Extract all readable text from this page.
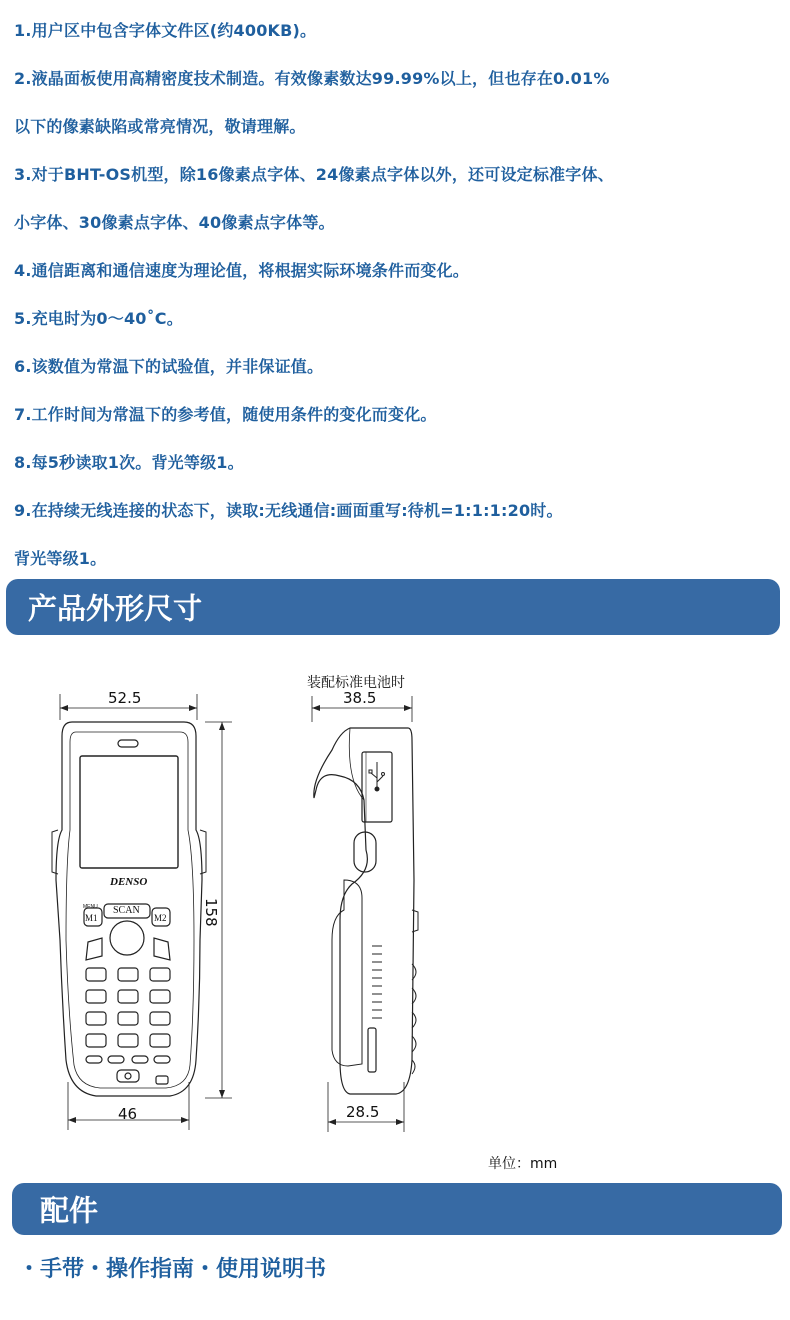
1.用户区中包含字体文件区(约400KB)。
2.液晶面板使用高精密度技术制造。有效像素数达99.99%以上，但也存在0.01%
以下的像素缺陷或常亮情况，敬请理解。
3.对于BHT-OS机型，除16像素点字体、24像素点字体以外，还可设定标准字体、
小字体、30像素点字体、40像素点字体等。
4.通信距离和通信速度为理论值，将根据实际环境条件而变化。
5.充电时为0～40˚C。
6.该数值为常温下的试验值，并非保证值。
7.工作时间为常温下的参考值，随使用条件的变化而变化。
8.每5秒读取1次。背光等级1。
9.在持续无线连接的状态下，读取:无线通信:画面重写:待机=1:1:1:20时。
背光等级1。
产品外形尺寸
装配标准电池时
52.5
46
158
38.5
28.5
DENSO
SCAN
M1	M2
MENU
单位：mm
配件
・手带・操作指南・使用说明书
